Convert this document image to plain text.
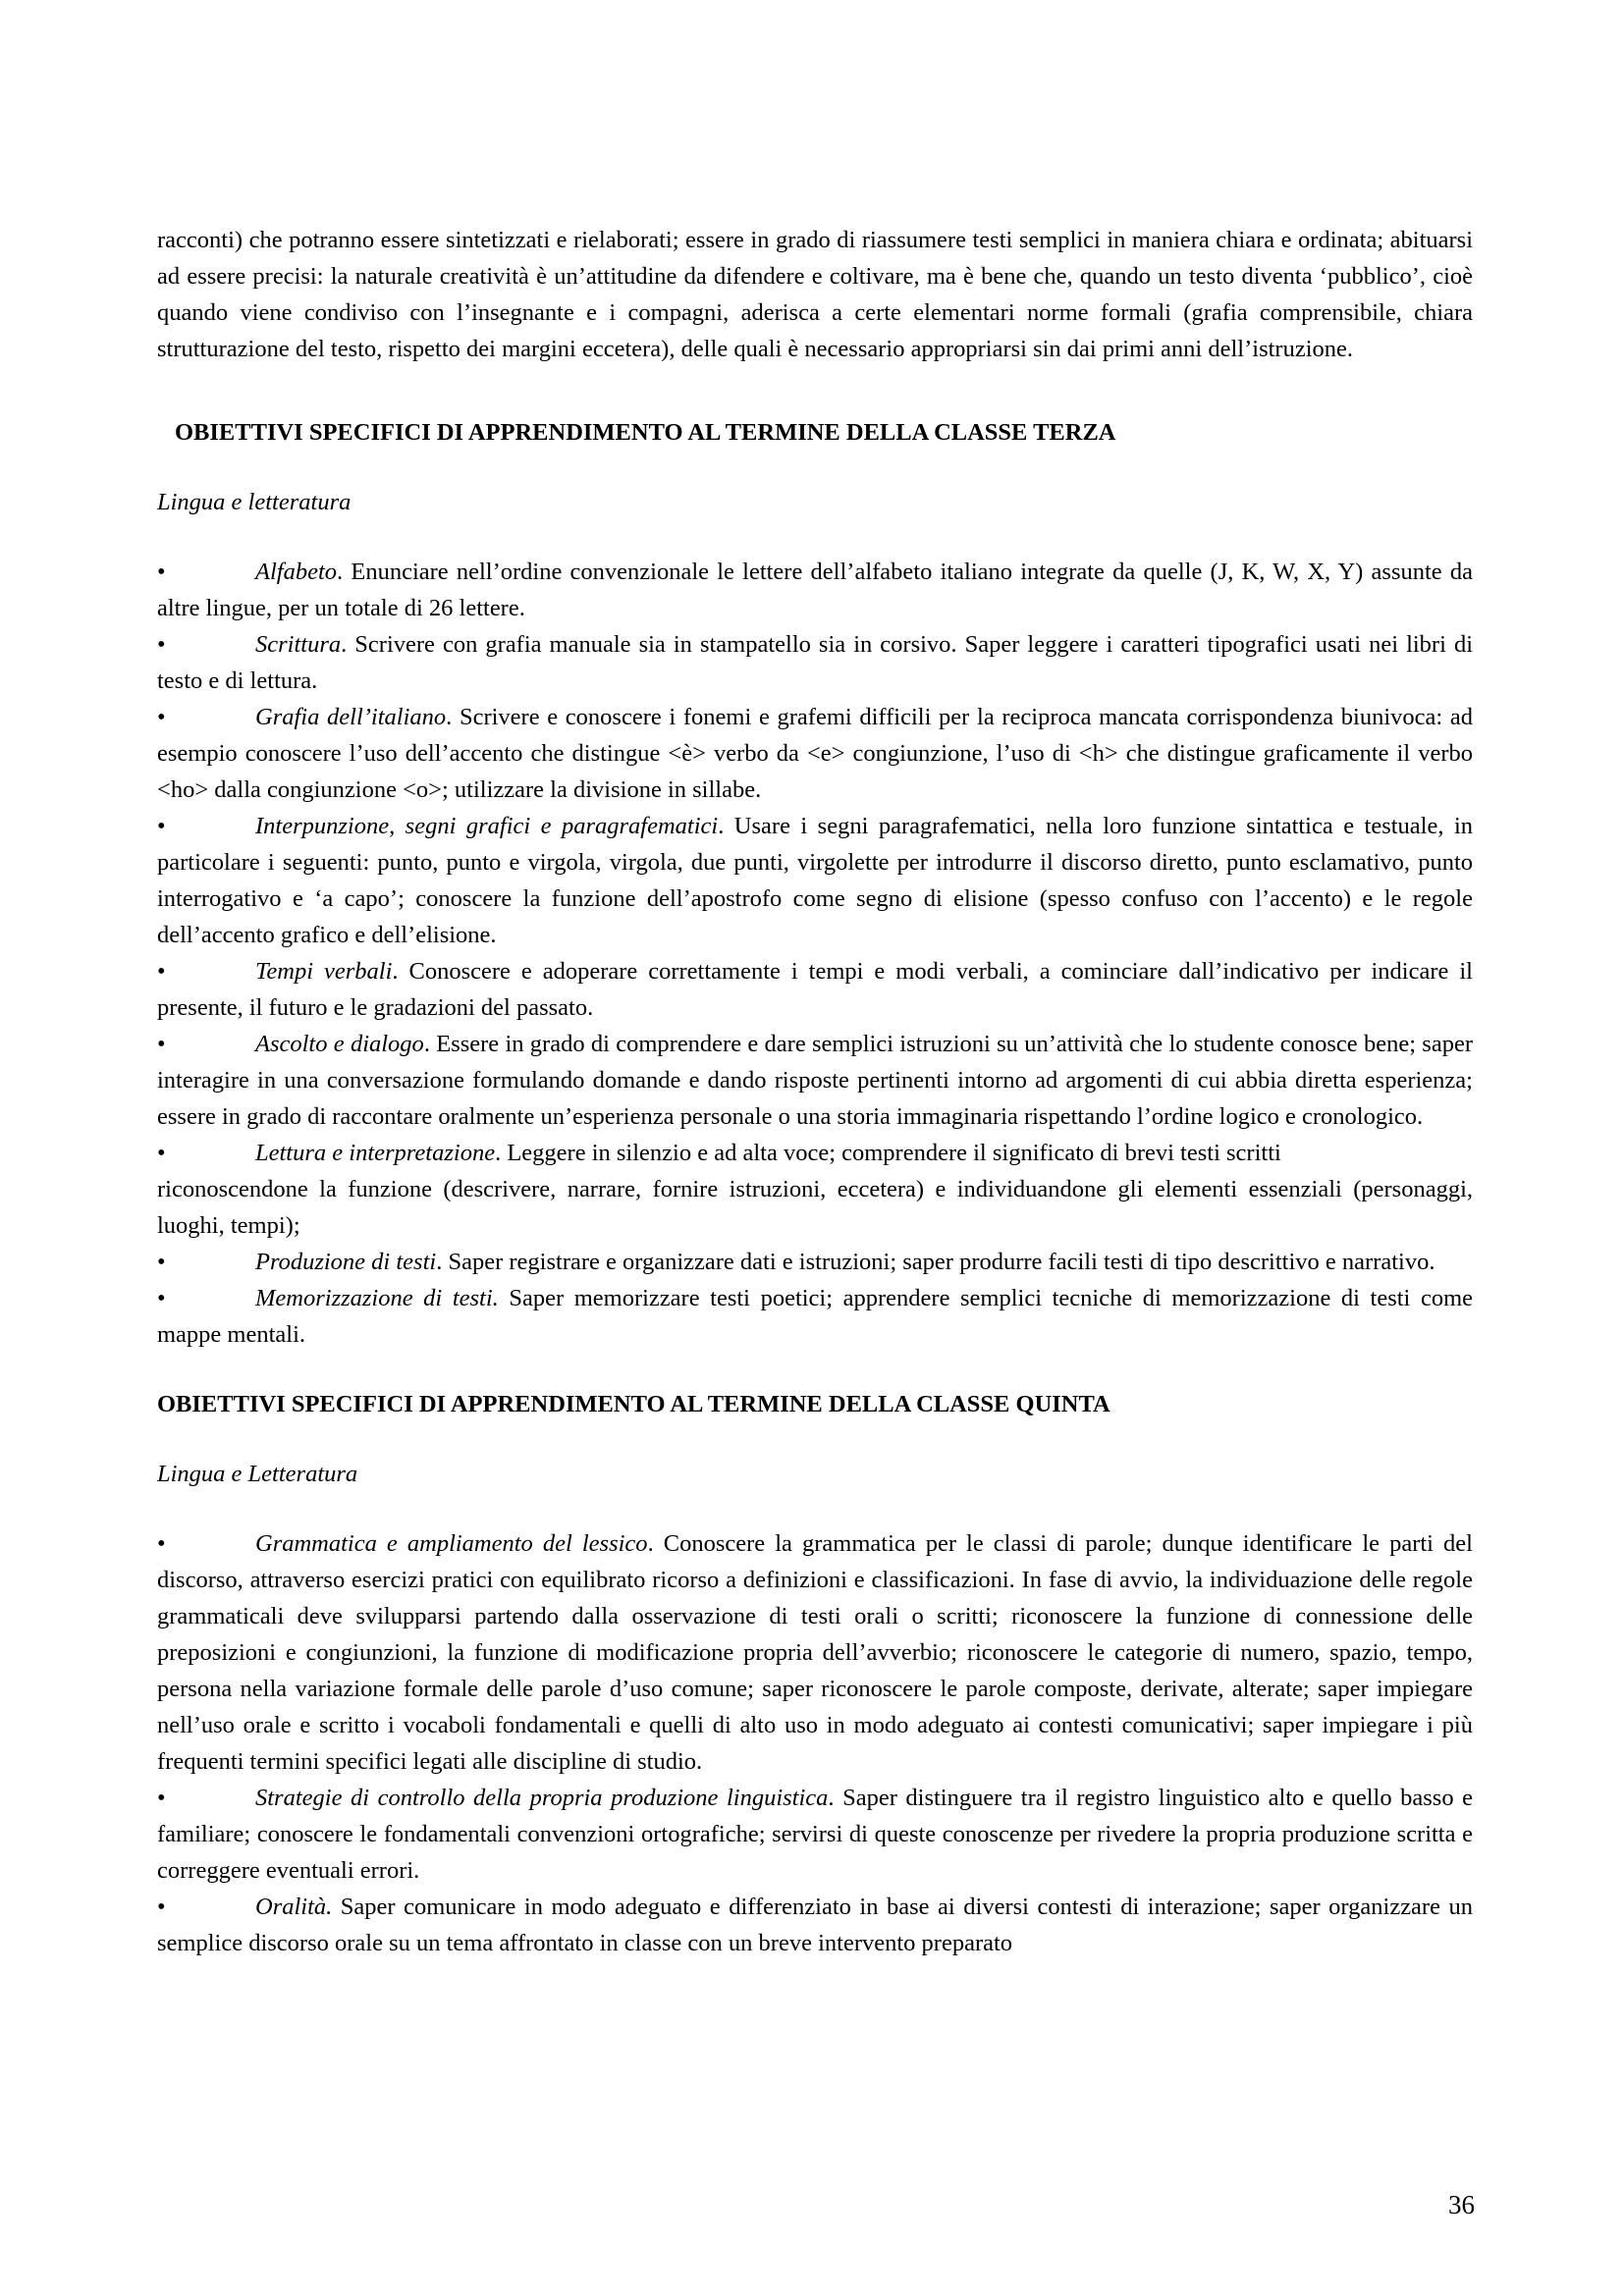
racconti) che potranno essere sintetizzati e rielaborati; essere in grado di riassumere testi semplici in maniera chiara e ordinata; abituarsi ad essere precisi: la naturale creatività è un’attitudine da difendere e coltivare, ma è bene che, quando un testo diventa ‘pubblico’, cioè quando viene condiviso con l’insegnante e i compagni, aderisca a certe elementari norme formali (grafia comprensibile, chiara strutturazione del testo, rispetto dei margini eccetera), delle quali è necessario appropriarsi sin dai primi anni dell’istruzione.

OBIETTIVI SPECIFICI DI APPRENDIMENTO AL TERMINE DELLA CLASSE TERZA

Lingua e letteratura

•	Alfabeto. Enunciare nell’ordine convenzionale le lettere dell’alfabeto italiano integrate da quelle (J, K, W, X, Y) assunte da altre lingue, per un totale di 26 lettere.

•	Scrittura. Scrivere con grafia manuale sia in stampatello sia in corsivo. Saper leggere i caratteri tipografici usati nei libri di testo e di lettura.

•	Grafia dell’italiano. Scrivere e conoscere i fonemi e grafemi difficili per la reciproca mancata corrispondenza biunivoca: ad esempio conoscere l’uso dell’accento che distingue <è> verbo da <e> congiunzione, l’uso di <h> che distingue graficamente il verbo <ho> dalla congiunzione <o>; utilizzare la divisione in sillabe.

•	Interpunzione, segni grafici e paragrafematici. Usare i segni paragrafematici, nella loro funzione sintattica e testuale, in particolare i seguenti: punto, punto e virgola, virgola, due punti, virgolette per introdurre il discorso diretto, punto esclamativo, punto interrogativo e ‘a capo’; conoscere la funzione dell’apostrofo come segno di elisione (spesso confuso con l’accento) e le regole dell’accento grafico e dell’elisione.

•	Tempi verbali. Conoscere e adoperare correttamente i tempi e modi verbali, a cominciare dall’indicativo per indicare il presente, il futuro e le gradazioni del passato.

•	Ascolto e dialogo. Essere in grado di comprendere e dare semplici istruzioni su un’attività che lo studente conosce bene; saper interagire in una conversazione formulando domande e dando risposte pertinenti intorno ad argomenti di cui abbia diretta esperienza; essere in grado di raccontare oralmente un’esperienza personale o una storia immaginaria rispettando l’ordine logico e cronologico.

•	Lettura e interpretazione. Leggere in silenzio e ad alta voce; comprendere il significato di brevi testi scritti

riconoscendone la funzione (descrivere, narrare, fornire istruzioni, eccetera) e individuandone gli elementi essenziali (personaggi, luoghi, tempi);

•	Produzione di testi. Saper registrare e organizzare dati e istruzioni; saper produrre facili testi di tipo descrittivo e narrativo.

•	Memorizzazione di testi. Saper memorizzare testi poetici; apprendere semplici tecniche di memorizzazione di testi come mappe mentali.

OBIETTIVI SPECIFICI DI APPRENDIMENTO AL TERMINE DELLA CLASSE QUINTA

Lingua e Letteratura

•	Grammatica e ampliamento del lessico. Conoscere la grammatica per le classi di parole; dunque identificare le parti del discorso, attraverso esercizi pratici con equilibrato ricorso a definizioni e classificazioni. In fase di avvio, la individuazione delle regole grammaticali deve svilupparsi partendo dalla osservazione di testi orali o scritti; riconoscere la funzione di connessione delle preposizioni e congiunzioni, la funzione di modificazione propria dell’avverbio; riconoscere le categorie di numero, spazio, tempo, persona nella variazione formale delle parole d’uso comune; saper riconoscere le parole composte, derivate, alterate; saper impiegare nell’uso orale e scritto i vocaboli fondamentali e quelli di alto uso in modo adeguato ai contesti comunicativi; saper impiegare i più frequenti termini specifici legati alle discipline di studio.

•	Strategie di controllo della propria produzione linguistica. Saper distinguere tra il registro linguistico alto e quello basso e familiare; conoscere le fondamentali convenzioni ortografiche; servirsi di queste conoscenze per rivedere la propria produzione scritta e correggere eventuali errori.

•	Oralità. Saper comunicare in modo adeguato e differenziato in base ai diversi contesti di interazione; saper organizzare un semplice discorso orale su un tema affrontato in classe con un breve intervento preparato

36
